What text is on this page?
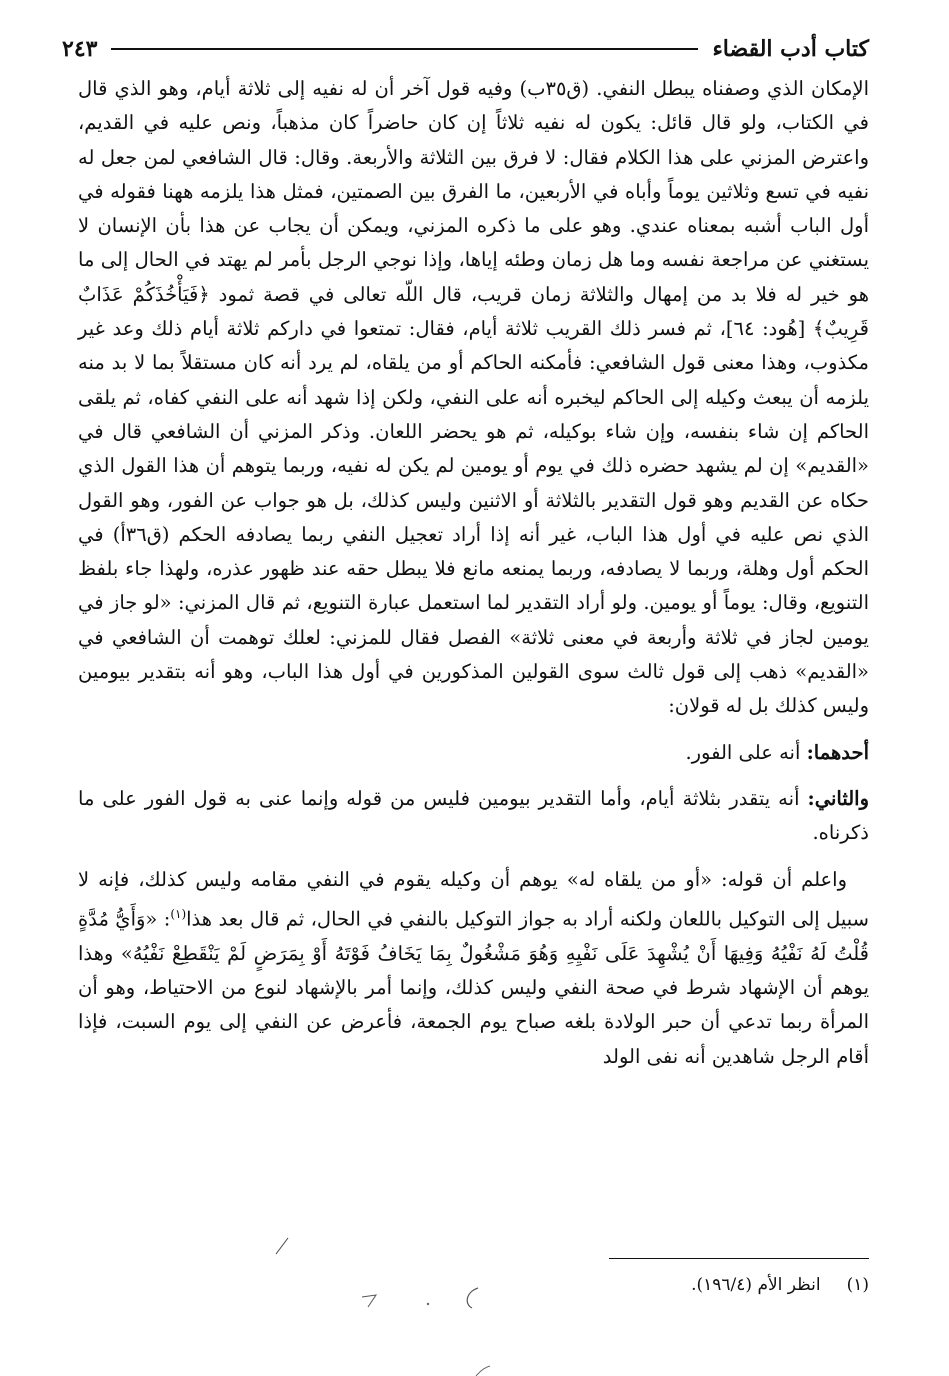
كتاب أدب القضاء
٢٤٣

الإمكان الذي وصفناه يبطل النفي. (ق٣٥ب) وفيه قول آخر أن له نفيه إلى ثلاثة أيام، وهو الذي قال في الكتاب، ولو قال قائل: يكون له نفيه ثلاثاً إن كان حاضراً كان مذهباً، ونص عليه في القديم، واعترض المزني على هذا الكلام فقال: لا فرق بين الثلاثة والأربعة. وقال: قال الشافعي لمن جعل له نفيه في تسع وثلاثين يوماً وأباه في الأربعين، ما الفرق بين الصمتين، فمثل هذا يلزمه ههنا فقوله في أول الباب أشبه بمعناه عندي. وهو على ما ذكره المزني، ويمكن أن يجاب عن هذا بأن الإنسان لا يستغني عن مراجعة نفسه وما هل زمان وطئه إياها، وإذا نوجي الرجل بأمر لم يهتد في الحال إلى ما هو خير له فلا بد من إمهال والثلاثة زمان قريب، قال اللّه تعالى في قصة ثمود ﴿فَيَأْخُذَكُمْ عَذَابٌ قَرِيبٌ﴾ [هُود: ٦٤]، ثم فسر ذلك القريب ثلاثة أيام، فقال: تمتعوا في داركم ثلاثة أيام ذلك وعد غير مكذوب، وهذا معنى قول الشافعي: فأمكنه الحاكم أو من يلقاه، لم يرد أنه كان مستقلاً بما لا بد منه يلزمه أن يبعث وكيله إلى الحاكم ليخبره أنه على النفي، ولكن إذا شهد أنه على النفي كفاه، ثم يلقى الحاكم إن شاء بنفسه، وإن شاء بوكيله، ثم هو يحضر اللعان. وذكر المزني أن الشافعي قال في «القديم» إن لم يشهد حضره ذلك في يوم أو يومين لم يكن له نفيه، وربما يتوهم أن هذا القول الذي حكاه عن القديم وهو قول التقدير بالثلاثة أو الاثنين وليس كذلك، بل هو جواب عن الفور، وهو القول الذي نص عليه في أول هذا الباب، غير أنه إذا أراد تعجيل النفي ربما يصادفه الحكم (ق٣٦أ) في الحكم أول وهلة، وربما لا يصادفه، وربما يمنعه مانع فلا يبطل حقه عند ظهور عذره، ولهذا جاء بلفظ التنويع، وقال: يوماً أو يومين. ولو أراد التقدير لما استعمل عبارة التنويع، ثم قال المزني: «لو جاز في يومين لجاز في ثلاثة وأربعة في معنى ثلاثة» الفصل فقال للمزني: لعلك توهمت أن الشافعي في «القديم» ذهب إلى قول ثالث سوى القولين المذكورين في أول هذا الباب، وهو أنه بتقدير بيومين وليس كذلك بل له قولان:

أحدهما: أنه على الفور.

والثاني: أنه يتقدر بثلاثة أيام، وأما التقدير بيومين فليس من قوله وإنما عنى به قول الفور على ما ذكرناه.

واعلم أن قوله: «أو من يلقاه له» يوهم أن وكيله يقوم في النفي مقامه وليس كذلك، فإنه لا سبيل إلى التوكيل باللعان ولكنه أراد به جواز التوكيل بالنفي في الحال، ثم قال بعد هذا$^{(١)}$: «وَأَيُّ مُدَّةٍ قُلْتُ لَهُ نَفْيُهُ وَفِيهَا أَنْ يُشْهِدَ عَلَى نَفْيِهِ وَهُوَ مَشْغُولٌ بِمَا يَخَافُ فَوْتَهُ أَوْ بِمَرَضٍ لَمْ يَنْقَطِعْ نَفْيُهُ» وهذا يوهم أن الإشهاد شرط في صحة النفي وليس كذلك، وإنما أمر بالإشهاد لنوع من الاحتياط، وهو أن المرأة ربما تدعي أن حبر الولادة بلغه صباح يوم الجمعة، فأعرض عن النفي إلى يوم السبت، فإذا أقام الرجل شاهدين أنه نفى الولد

(١)انظر الأم (١٩٦/٤).
